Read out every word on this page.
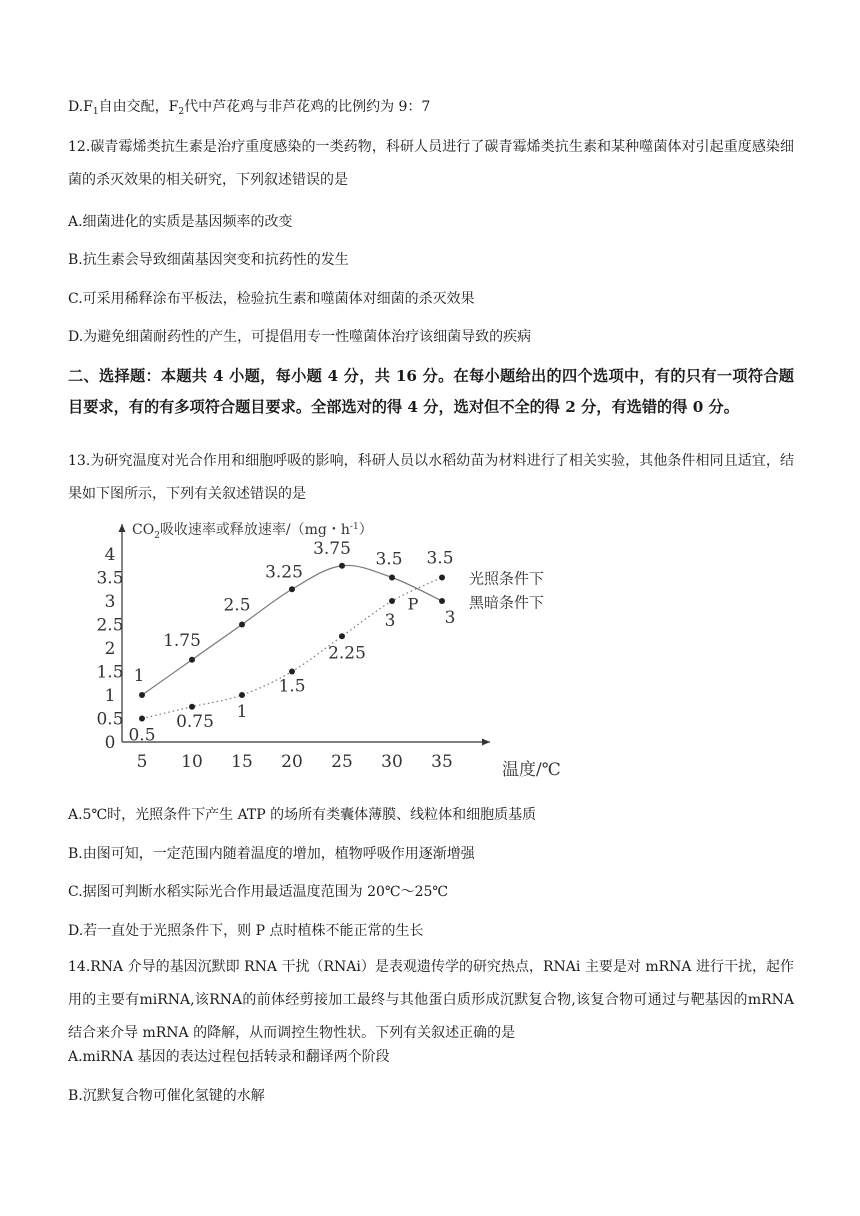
$D.F_1$自由交配，$F_2$代中芦花鸡与非芦花鸡的比例约为 9：7

12.碳青霉烯类抗生素是治疗重度感染的一类药物，科研人员进行了碳青霉烯类抗生素和某种噬菌体对引起重度感染细菌的杀灭效果的相关研究，下列叙述错误的是

A.细菌进化的实质是基因频率的改变

B.抗生素会导致细菌基因突变和抗药性的发生

C.可采用稀释涂布平板法，检验抗生素和噬菌体对细菌的杀灭效果

D.为避免细菌耐药性的产生，可提倡用专一性噬菌体治疗该细菌导致的疾病

二、选择题：本题共 4 小题，每小题 4 分，共 16 分。在每小题给出的四个选项中，有的只有一项符合题目要求，有的有多项符合题目要求。全部选对的得 4 分，选对但不全的得 2 分，有选错的得 0 分。

13.为研究温度对光合作用和细胞呼吸的影响，科研人员以水稻幼苗为材料进行了相关实验，其他条件相同且适宜，结果如下图所示，下列有关叙述错误的是

0
0.5
1
1.5
2
2.5
3
3.5
4
5 10 15 20 25 30 35	温度/℃
$CO_2$吸收速率或释放速率/（mg・$h^{-1}$）
0.5
0.75 1
1.5
2.25
3
3.5
黑暗条件下
1
1.75
2.5
3.25
3.75
3.5
3
光照条件下
P

A.5℃时，光照条件下产生 ATP 的场所有类囊体薄膜、线粒体和细胞质基质

B.由图可知，一定范围内随着温度的增加，植物呼吸作用逐渐增强

C.据图可判断水稻实际光合作用最适温度范围为 20℃～25℃

D.若一直处于光照条件下，则 P 点时植株不能正常的生长

14.RNA 介导的基因沉默即 RNA 干扰（RNAi）是表观遗传学的研究热点，RNAi 主要是对 mRNA 进行干扰，起作用的主要有miRNA,该RNA的前体经剪接加工最终与其他蛋白质形成沉默复合物,该复合物可通过与靶基因的mRNA结合来介导 mRNA 的降解，从而调控生物性状。下列有关叙述正确的是

A.miRNA 基因的表达过程包括转录和翻译两个阶段

B.沉默复合物可催化氢键的水解
